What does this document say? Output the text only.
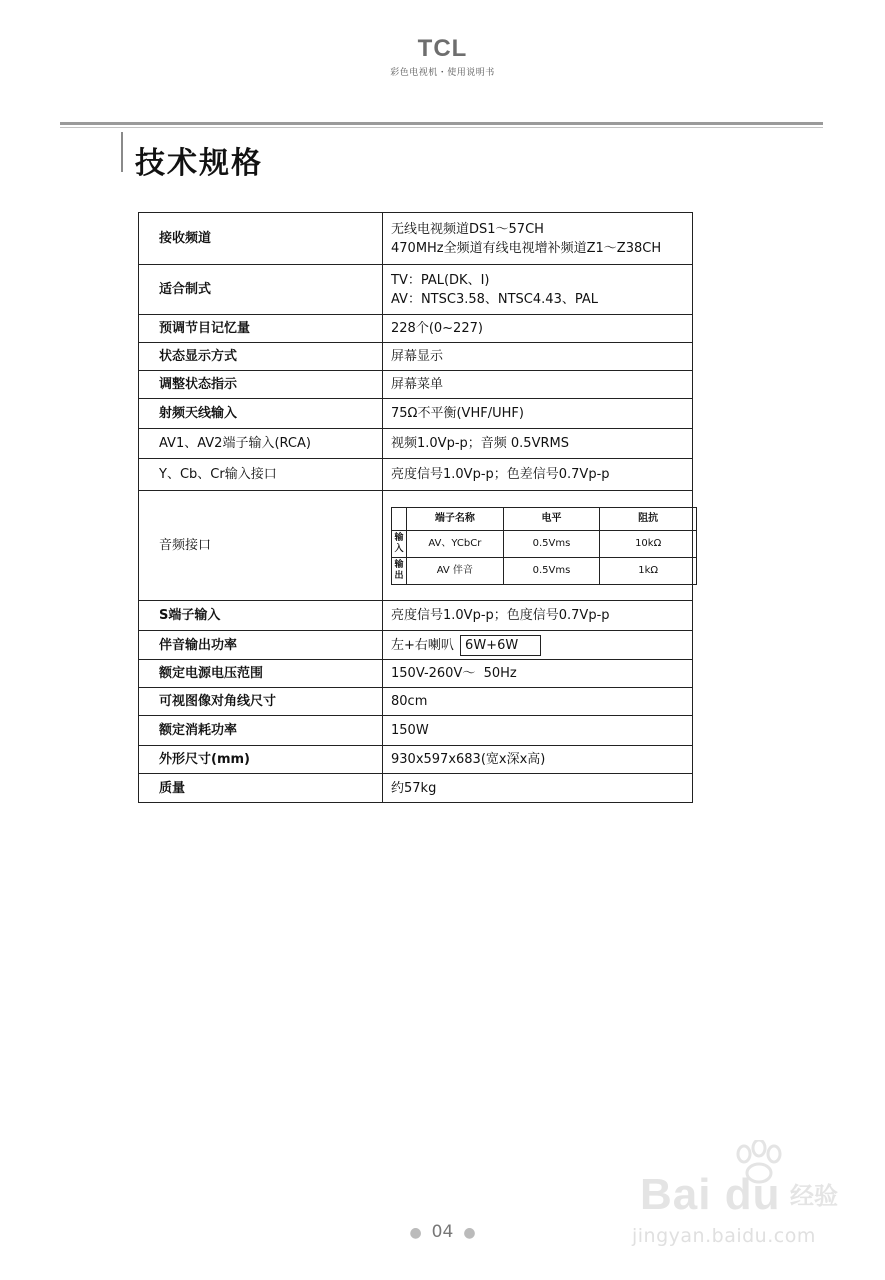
TCL
彩色电视机・使用说明书
技术规格
接收频道	
无线电视频道DS1～57CH
470MHz全频道有线电视增补频道Z1～Z38CH

适合制式	
TV：PAL(DK、I)
AV：NTSC3.58、NTSC4.43、PAL

预调节目记忆量	228个(0~227)
状态显示方式	屏幕显示
调整状态指示	屏幕菜单
射频天线输入	75Ω不平衡(VHF/UHF)
AV1、AV2端子输入(RCA)	视频1.0Vp-p；音频 0.5VRMS
Y、Cb、Cr输入接口	亮度信号1.0Vp-p；色差信号0.7Vp-p
音频接口	
	端子名称	电平	阻抗
输入	AV、YCbCr	0.5Vms	10kΩ
输出	AV 伴音	0.5Vms	1kΩ

S端子输入	亮度信号1.0Vp-p；色度信号0.7Vp-p
伴音输出功率	左+右喇叭 6W+6W
额定电源电压范围	150V-260V～  50Hz
可视图像对角线尺寸	80cm
额定消耗功率	150W
外形尺寸(mm)	930x597x683(宽x深x高)
质量	约57kg
● 04 ●
Bai du 经验
jingyan.baidu.com
